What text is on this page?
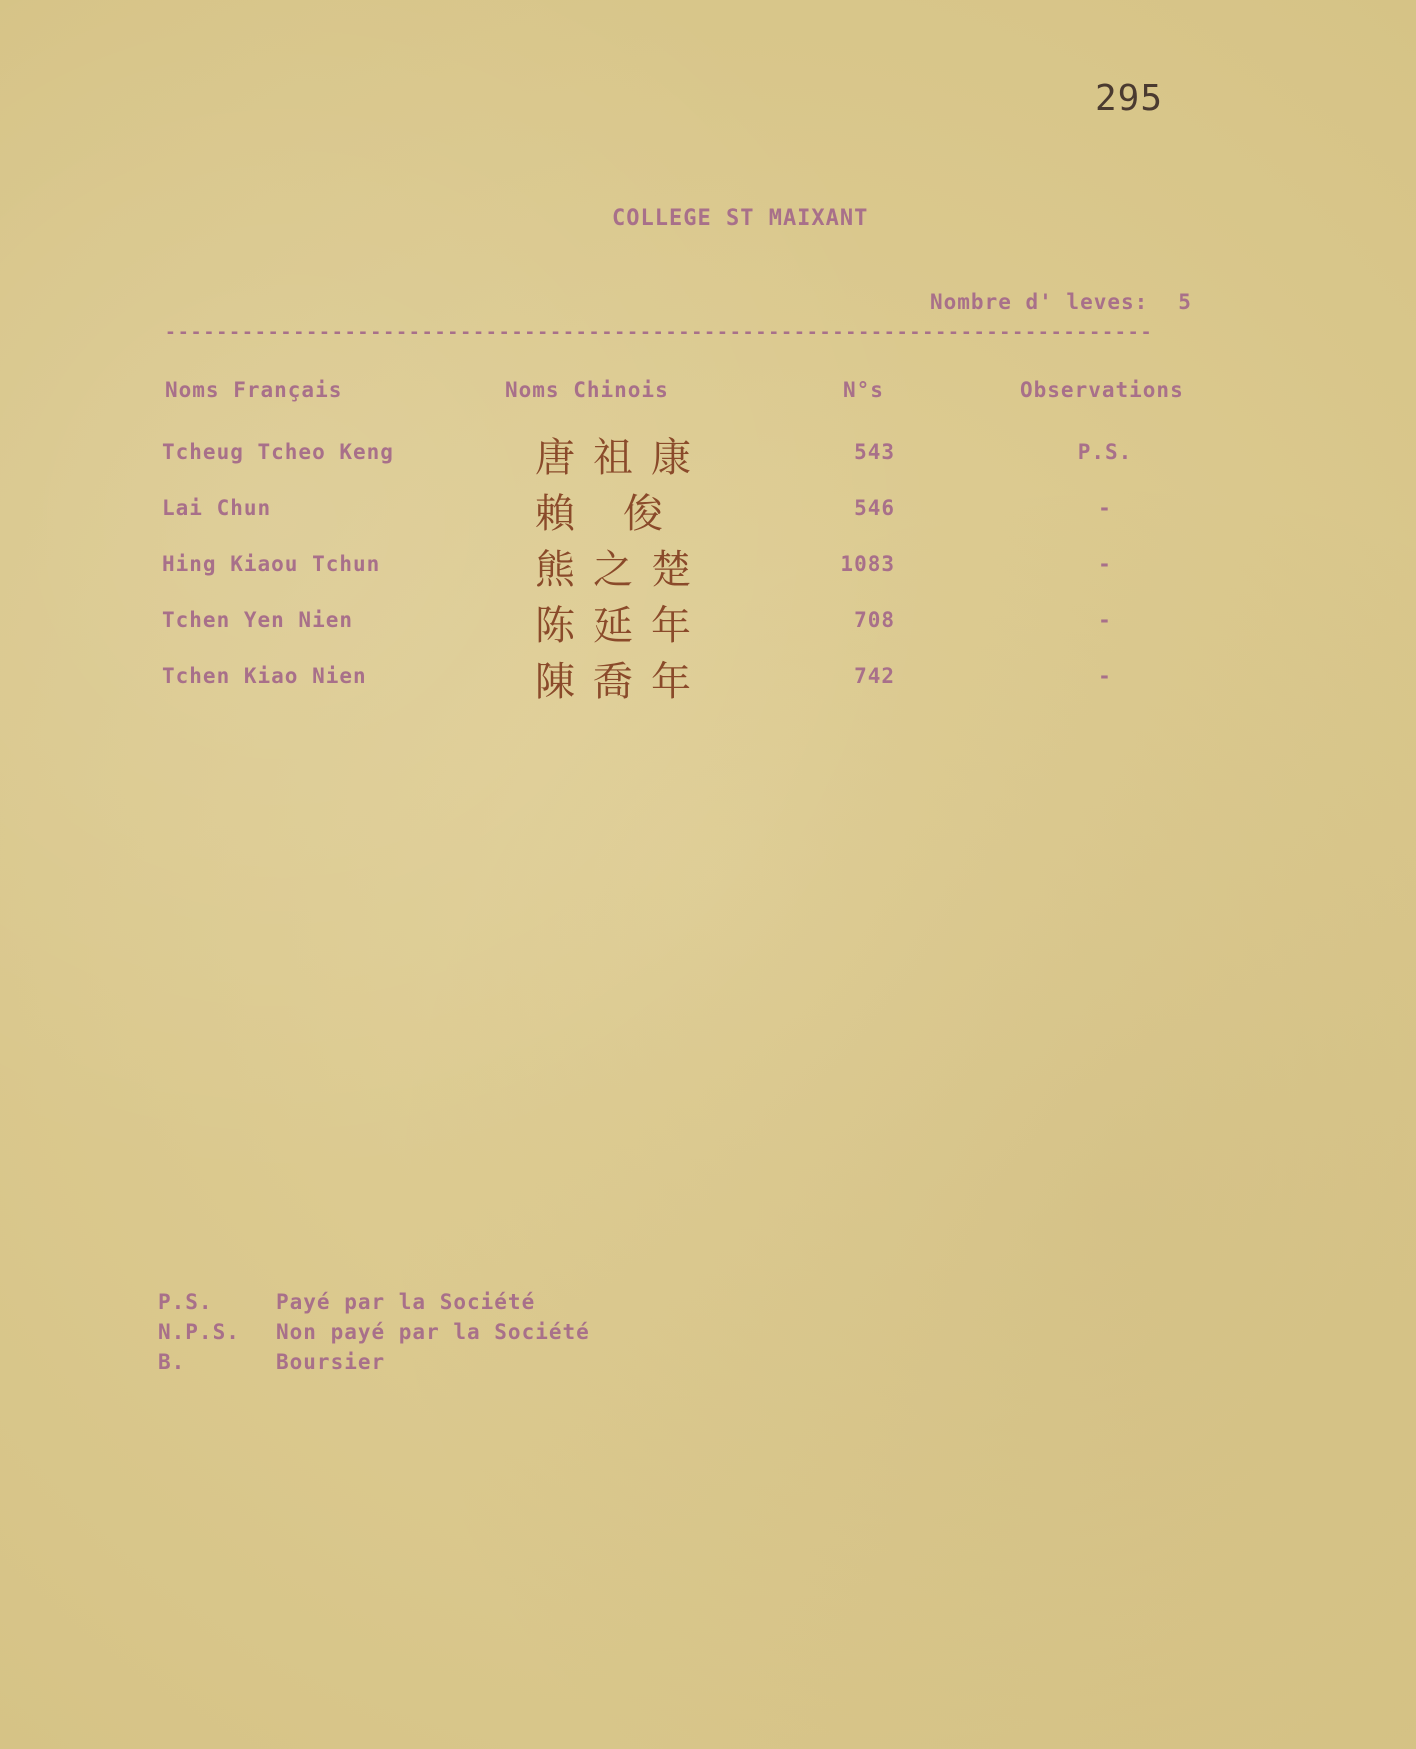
295
COLLEGE ST MAIXANT
Nombre d' leves: 5
-----------------------------------------------------------------------------
Noms Français	Noms Chinois	N°s	Observations
Tcheug Tcheo Keng	唐祖康	543	P.S.
Lai Chun	賴俊	546	-
Hing Kiaou Tchun	熊之楚	1083	-
Tchen Yen Nien	陈延年	708	-
Tchen Kiao Nien	陳喬年	742	-
P.S.	Payé par la Société
N.P.S. Non payé par la Société
B.	Boursier
